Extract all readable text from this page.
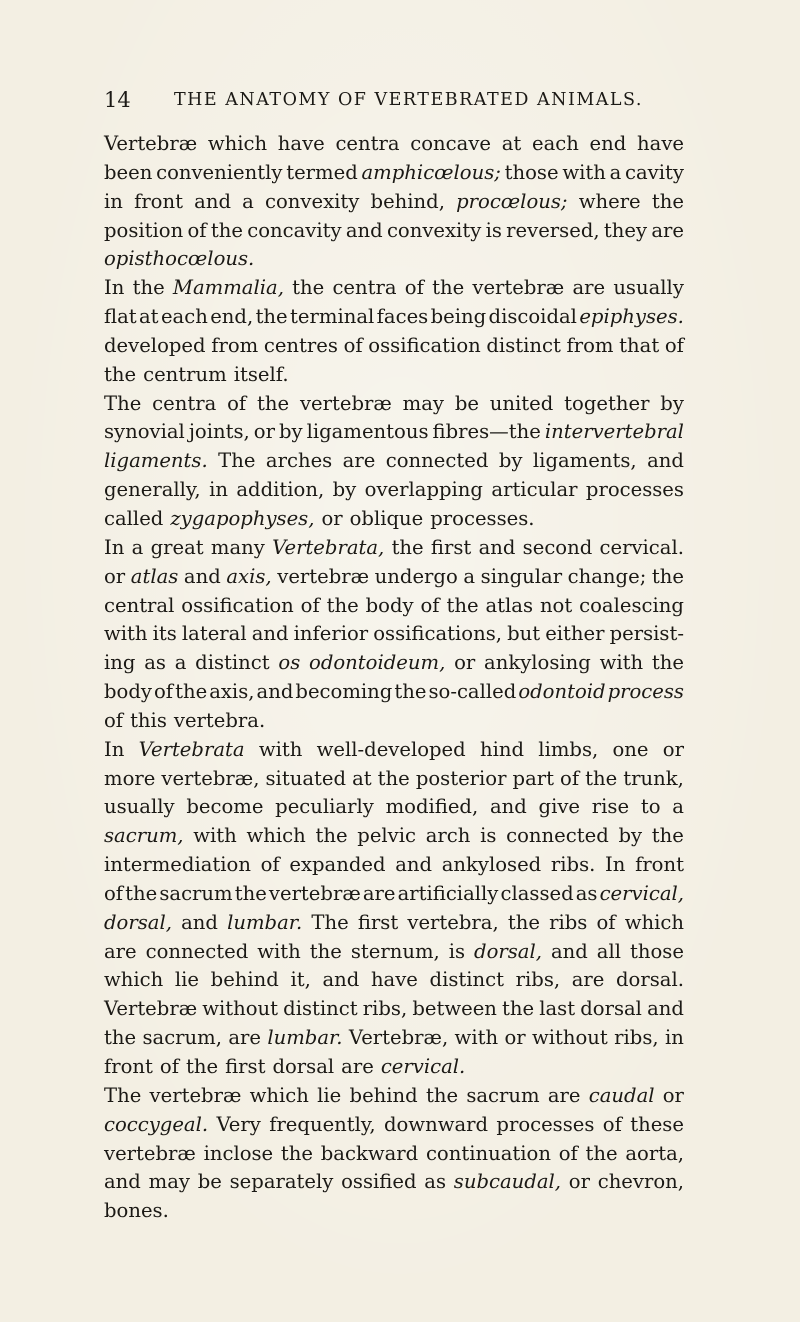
14 THE ANATOMY OF VERTEBRATED ANIMALS.
Vertebræ which have centra concave at each end have
been conveniently termed amphicœlous; those with a cavity
in front and a convexity behind, procœlous; where the
position of the concavity and convexity is reversed, they are
opisthocœlous.
In the Mammalia, the centra of the vertebræ are usually
flat at each end, the terminal faces being discoidal epiphyses.
developed from centres of ossification distinct from that of
the centrum itself.
The centra of the vertebræ may be united together by
synovial joints, or by ligamentous fibres—the intervertebral
ligaments. The arches are connected by ligaments, and
generally, in addition, by overlapping articular processes
called zygapophyses, or oblique processes.
In a great many Vertebrata, the first and second cervical.
or atlas and axis, vertebræ undergo a singular change; the
central ossification of the body of the atlas not coalescing
with its lateral and inferior ossifications, but either persist-
ing as a distinct os odontoideum, or ankylosing with the
body of the axis, and becoming the so-called odontoid process
of this vertebra.
In Vertebrata with well-developed hind limbs, one or
more vertebræ, situated at the posterior part of the trunk,
usually become peculiarly modified, and give rise to a
sacrum, with which the pelvic arch is connected by the
intermediation of expanded and ankylosed ribs. In front
of the sacrum the vertebræ are artificially classed as cervical,
dorsal, and lumbar. The first vertebra, the ribs of which
are connected with the sternum, is dorsal, and all those
which lie behind it, and have distinct ribs, are dorsal.
Vertebræ without distinct ribs, between the last dorsal and
the sacrum, are lumbar. Vertebræ, with or without ribs, in
front of the first dorsal are cervical.
The vertebræ which lie behind the sacrum are caudal or
coccygeal. Very frequently, downward processes of these
vertebræ inclose the backward continuation of the aorta,
and may be separately ossified as subcaudal, or chevron,
bones.
